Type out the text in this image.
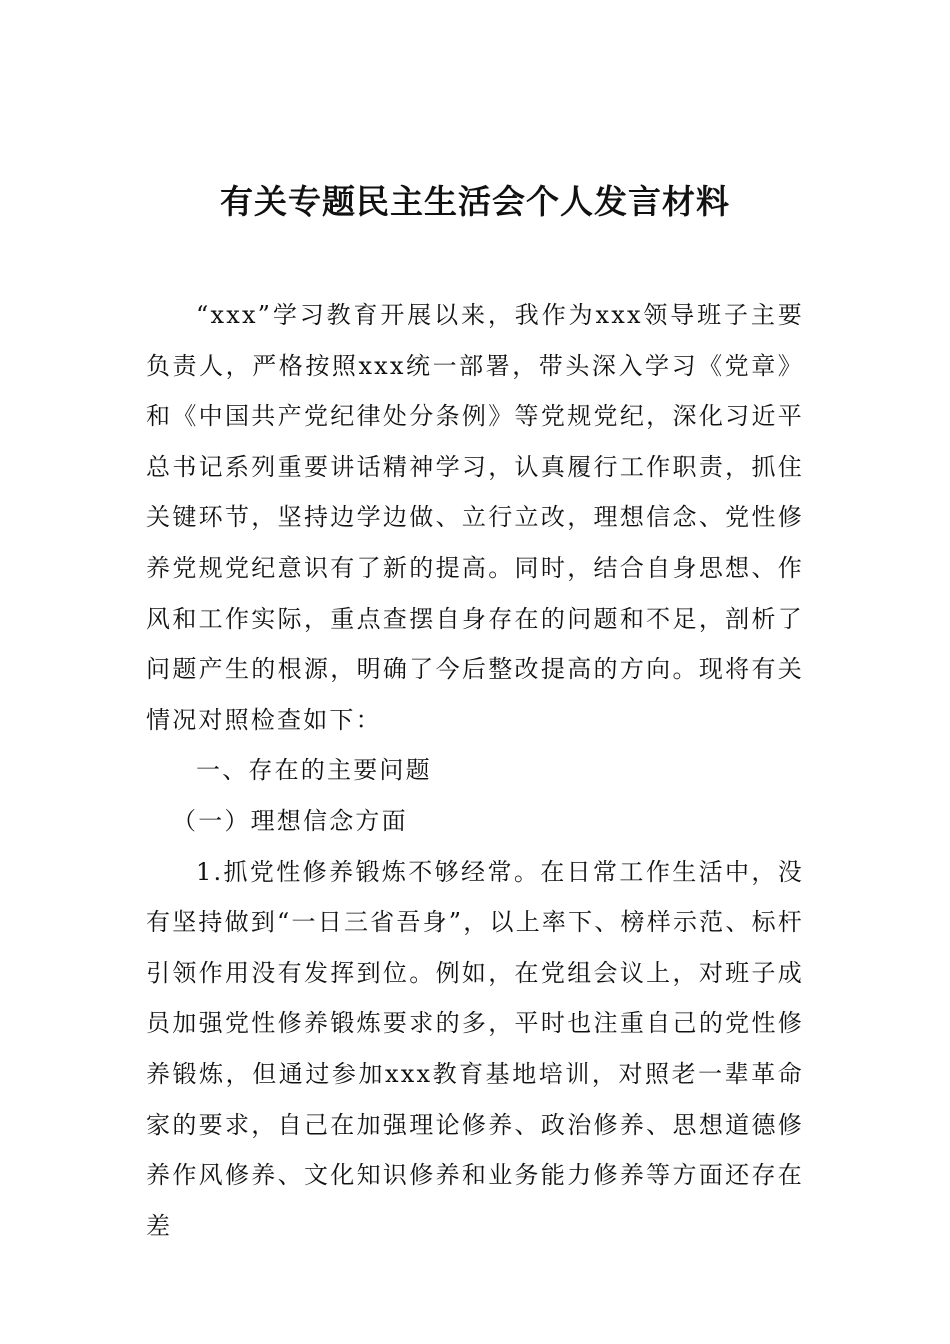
有关专题民主生活会个人发言材料

“xxx”学习教育开展以来，我作为xxx领导班子主要负责人，严格按照xxx统一部署，带头深入学习《党章》和《中国共产党纪律处分条例》等党规党纪，深化习近平总书记系列重要讲话精神学习，认真履行工作职责，抓住关键环节，坚持边学边做、立行立改，理想信念、党性修养党规党纪意识有了新的提高。同时，结合自身思想、作风和工作实际，重点查摆自身存在的问题和不足，剖析了问题产生的根源，明确了今后整改提高的方向。现将有关情况对照检查如下：

一、存在的主要问题

（一）理想信念方面

1.抓党性修养锻炼不够经常。在日常工作生活中，没有坚持做到“一日三省吾身”，以上率下、榜样示范、标杆引领作用没有发挥到位。例如，在党组会议上，对班子成员加强党性修养锻炼要求的多，平时也注重自己的党性修养锻炼，但通过参加xxx教育基地培训，对照老一辈革命家的要求，自己在加强理论修养、政治修养、思想道德修养作风修养、文化知识修养和业务能力修养等方面还存在差
